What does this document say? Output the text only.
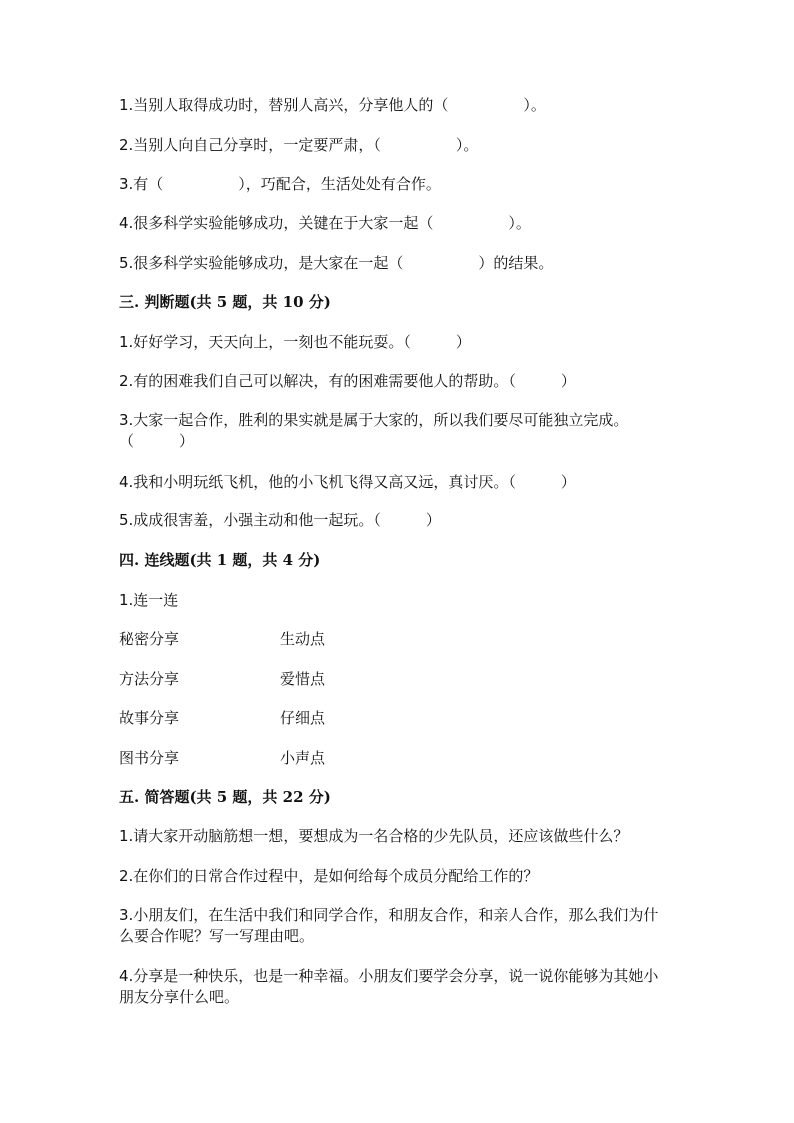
1.当别人取得成功时，替别人高兴，分享他人的（　　　　　）。
2.当别人向自己分享时，一定要严肃，（　　　　　）。
3.有（　　　　　），巧配合，生活处处有合作。
4.很多科学实验能够成功，关键在于大家一起（　　　　　）。
5.很多科学实验能够成功，是大家在一起（　　　　　）的结果。
三. 判断题(共 5 题，共 10 分)
1.好好学习，天天向上，一刻也不能玩耍。（　　　）
2.有的困难我们自己可以解决，有的困难需要他人的帮助。（　　　）
3.大家一起合作，胜利的果实就是属于大家的，所以我们要尽可能独立完成。（　　　）
4.我和小明玩纸飞机，他的小飞机飞得又高又远，真讨厌。（　　　）
5.成成很害羞，小强主动和他一起玩。（　　　）
四. 连线题(共 1 题，共 4 分)
1.连一连
秘密分享	生动点
方法分享	爱惜点
故事分享	仔细点
图书分享	小声点
五. 简答题(共 5 题，共 22 分)
1.请大家开动脑筋想一想，要想成为一名合格的少先队员，还应该做些什么？
2.在你们的日常合作过程中，是如何给每个成员分配给工作的？
3.小朋友们，在生活中我们和同学合作，和朋友合作，和亲人合作，那么我们为什么要合作呢？写一写理由吧。
4.分享是一种快乐，也是一种幸福。小朋友们要学会分享，说一说你能够为其她小朋友分享什么吧。
